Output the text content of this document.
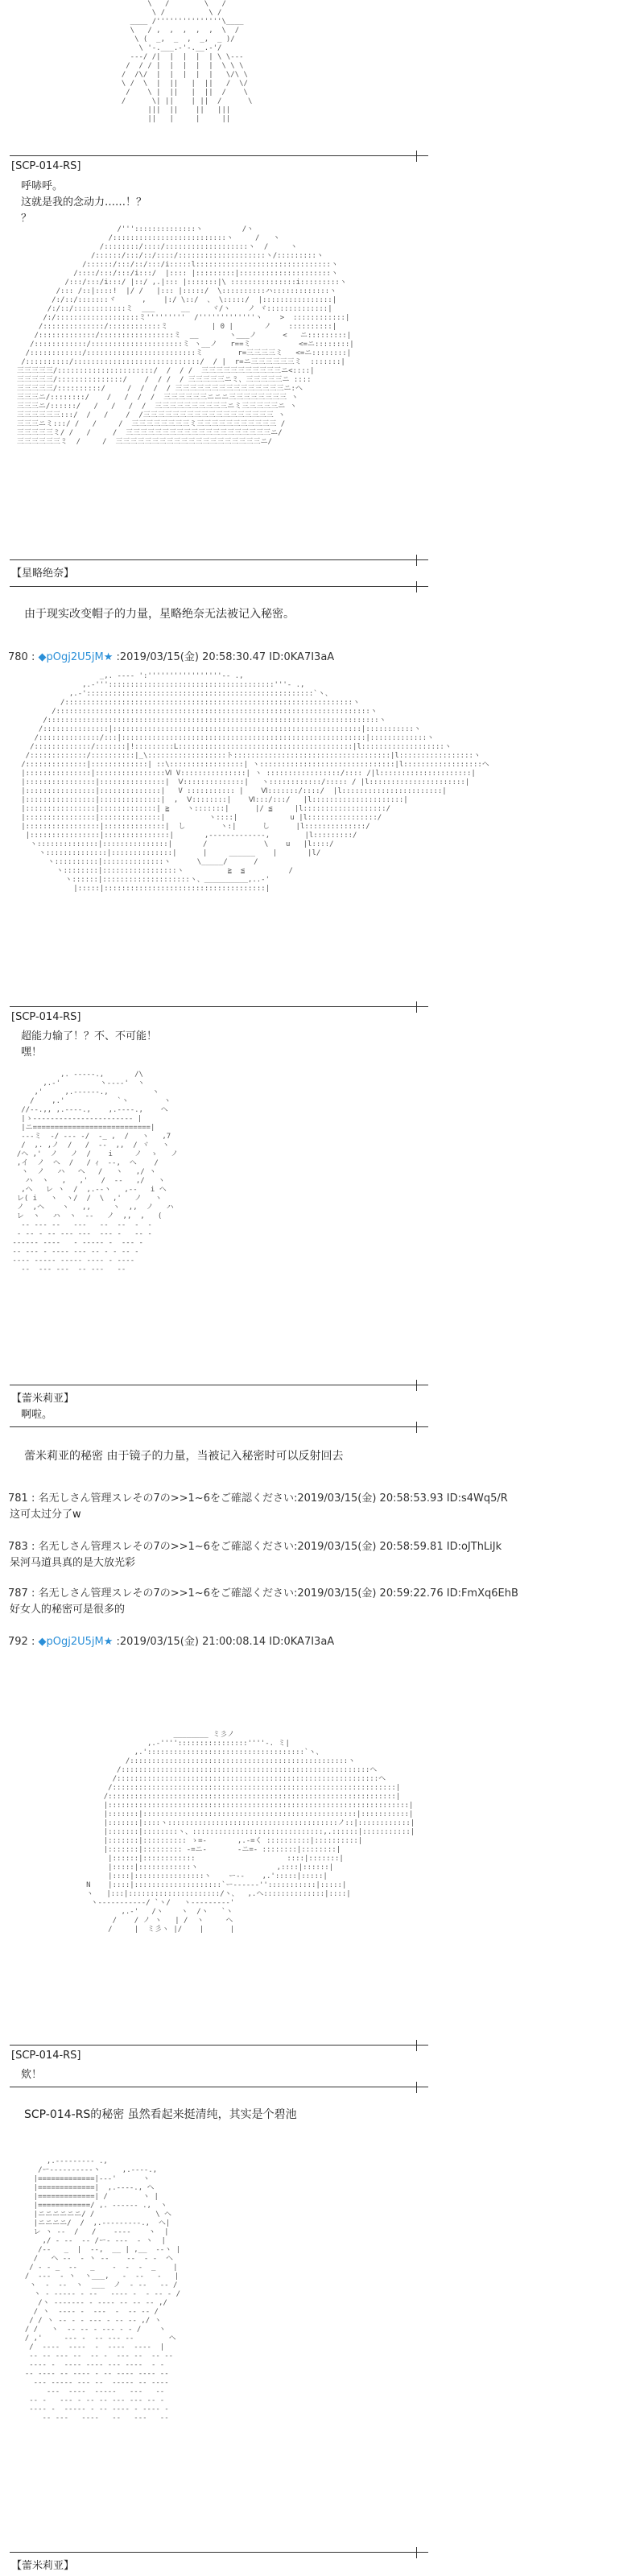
\   /        \   /
\ /          \ /
____ /'''''''''''''''\____
\   / ,  ,  ,  ,  ,  \  /
\ (  _,  _  ,  _,  _ )/
\ '-.___.-'-.__.-'/
---/ /|  |  |  |  | \ \---
/  / / |  |  |  |  |  \ \ \
/  /\/  |  |  |  |  |   \/\ \
\ /  \  |  ||   |  ||   /  \/
/    \ |  ||   |  ||  /    \
/      \| ||    | ||  /      \
|||  ||    ||   |||
||   |     |     ||
[SCP-014-RS]
呼哧呼。
这就是我的念动力……！？
？
/'''::::::::::::::ヽ         /ヽ
/::::::::::::::::::::::::::ヽ     /   ヽ
/::::::::/::::/:::::::::::::::::::ヽ  /     ヽ
/::::::/:::/::/::::/::::::::::::::::::::ヽ/:::::::::ヽ
/::::::/:::/::/:::/i:::::l:::::::::::::::::::::::::::::::ヽ
/::::/:::/:::/i:::/  |:::: |:::::::::|:::::::::::::::::::::ヽ
/:::/:::/i:::/ |::/ ,.|::: |:::::::|\ :::::::::::::::i:::::::::ヽ
/::: /::|::::!  |/ /   |::: |:::::/  \::::::::::ハ:::::::::::::ヽ
/:/::/:::::::ヾ      ,    |:/ \::/  、 \:::::/  |::::::::::::::::|
/:/::/::::::::::::ミ  ___      __     ヾ/ヽ    ノ ヾ::::::::::::::|
/:/:::::::::::::::::::ミ'''''''''  /'''''''''''''ヽ    >  ::::::::::::|
/::::::::::::::/::::::::::::ミ          | 0 |       ノ    ::::::::::|
/:::::::::::::/:::::::::::::::::ミ  __       ヽ___ノ      <   ニ:::::::::|
/::::::::::::/:::::::::::::::::::::ミ ヽ__ノ   r==ミ           <=ニ::::::::|
/::::::::::::/:::::::::::::::::::::::::ミ        r=三三三三ミ   <=ニ::::::::|
/::::::::::/:::::::::::::::::::::::::::::/  / |  r=ニ三三三三三三ミ  :::::::|
三三三三三/::::::::::::::::::::::/  /  / /  三三三三三三三三三三三ニ<::::|
三三三三三/:::::::::::::::/    /  / /  / 三三三三三ニミ、三三三三三ニ ::::
三三三三三/::::::::::/     /  /  /  / 三三三三三三三三三三三三三三三ニ:ヘ
三三三ニ/::::::::/    /   /  /  /  三三三三三三ニニニ三三三三三三三三 ヽ
三三三ニ/::::::/   /   /   /  /  三三三三三三三三三三ニミ三三三三三ニ ヽ
三三三三三三:::/  /   /    /  /三三三三三三三三三三三三三三三三三三 ヽ
三三三ニミ:::/ /   /     /  三三三三三三三三ミ三三三三三三三三三三三 /
三三三三三ミ/ /   /     /  三三三三三三三三三三三三三三三三三三三三ニ/
三三三三三三ミ  /     /  三三三三三三三三三三三三三三三三三三三三ニ/
【星略绝奈】
由于现实改变帽子的力量，星略绝奈无法被记入秘密。
780 : ◆pOgj2U5jM★ :2019/03/15(金) 20:58:30.47 ID:0KA7I3aA
_,. -‐-‐ ':'''''''''''''''''‐- .,
,.-'''::::::::::::::::::::::::::::::::::::::'''- .,
,.-'::::::::::::::::::::::::::::::::::::::::::::::::::::`ヽ、
/::::::::::::::::::::::::::::::::::::::::::::::::::::::::::::::::::ヽ
/::::::::::::::::::::::::::::::::::::::::::::::::::::::::::::::::::::::::ヽ
/::::::::::::::::::::::::::::::::::::::::::::::::::::::::::::::::::::::::::::ヽ
/:::::::::::::::|:::::::::::::::::::::::::::::::::::::::::::::::::::::::::|:::::::::::ヽ
/::::::::::::::/:::|::::::::::::::::::::::::::::::::::::::::::::::::::::::::|:::::::::::::ヽ
/:::::::::::::/:::::::|!:::::::::L::::::::::::::::::::::::::::::::::::::::|l:::::::::::::::::::ヽ
/:::::::::::::/::::::::::|_\::::::::::::::::::ト::::::::::::::::::::::::::::::::::::|l:::::::::::::::::ヽ
/::::::::::::::|:::::::::::::| ::\:::::::::::::::::| ヽ:::::::::::::::::::::::::::::::|l::::::::::::::::::ヘ
|:::::::::::::::|::::::::::::::::Ⅵ V:::::::::::::::| ヽ :::::::::::::::::/:::: /|l:::::::::::::::::::::|
|::::::::::::::::|:::::::::::::::|  Ⅴ::::::::::::::|   ヽ::::::::::::/::::: / |l::::::::::::::::::::::|
|::::::::::::::::|::::::::::::::|   V ::::::::::: |    Ⅵ:::::::/::::/  |l:::::::::::::::::::::::|
|::::::::::::::::|::::::::::::::|  ,  Ⅴ::::::::|    Ⅵ:::/:::/   |l:::::::::::::::::::::|
|::::::::::::::::|:::::::::::::| ≧    ヽ:::::::|      |/ ≦     |l:::::::::::::::::::/
|::::::::::::::::|::::::::::::::|          ヽ::::|            u |l::::::::::::::::/
|:::::::::::::::::|::::::::::::::|  し        ヽ:|      し      |l::::::::::::::/
|::::::::::::::::|:::::::::::::::|       ,--‐‐‐---‐‐‐--,        |l:::::::::/
ヽ::::::::::::::|:::::::::::::::|       /             \    u   |l::::/
ヽ::::::::::::::|::::::::::::::|      |     ______    |       |l/
ヽ::::::::::|::::::::::::::ヽ      \_____/      /
ヽ::::::::|:::::::::::::::::ヽ          ≧  ≦          /
ヽ::::::|::::::::::::::::::::ヽ、__________,..-'
|:::::|:::::::::::::::::::::::::::::::::::::|
[SCP-014-RS]
超能力输了！？不、不可能！
嘿！
,. -‐‐‐-.,       /\
,.-'         ヽ‐‐‐-'  ヽ
,'     ,.-‐‐‐‐-.,          ヽ
/    ,.'            `ヽ        ヽ
//‐-.,, ,.-‐‐-.,    ,.-‐‐-.,    ヘ
|ゝ‐‐‐‐‐‐‐‐‐‐‐‐‐‐‐‐‐‐‐‐‐‐‐ |
|ニ===========================|
‐‐‐ミ  ‐/ ‐‐‐ ‐/  ‐_ ,  /   ヽ   ,7
/  ,. ,ノ  /   /  ‐‐  ,,  / ヾ   ヽ
/ヘ ,'  ノ   ノ  /    i     ノ  ゝ   ノ
,イ  ノ  ヘ  /   / ｨ  ‐‐,  ヘ    /
ヽ  ノ   ハ   ヘ   /   ヽ   ,/ ヽ
ハ  ヽ   ,   ,'   /  ‐‐   ,/   ヽ
,ヘ   レ ヽ  /  ,.-‐ヽ   ,-‐   i ヘ
レ( i   ヽ  ヽ/  /  \  ,'   ノ   ヽ
ノ  ,ヘ    ヽ   ,,     ヽ  ,,  ノ   ハ
レ  ヽ   ハ  ヽ  ‐‐   ノ  ,,  ,   (
‐‐ ‐‐‐ ‐‐   ‐‐‐   ‐‐  ‐‐  ‐  ‐
‐ ‐‐ ‐ ‐‐ ‐‐‐ ‐‐‐  ‐‐‐ ‐   ‐‐ ‐
‐‐‐‐‐‐ ‐‐‐‐   ‐ ‐‐‐‐‐ ‐  ‐‐‐ ‐
‐‐ ‐‐‐ ‐ ‐‐‐‐ ‐‐‐ ‐‐ ‐ ‐ ‐‐ ‐
‐‐‐‐ ‐‐‐‐‐ ‐‐‐‐‐ ‐‐‐‐ ‐ ‐‐‐‐
‐‐  ‐‐‐ ‐‐‐  ‐‐ ‐‐‐   ‐‐
【蕾米莉亚】
啊啦。
蕾米莉亚的秘密 由于镜子的力量，当被记入秘密时可以反射回去
781 : 名无しさん管理スレその7の>>1~6をご確認ください:2019/03/15(金) 20:58:53.93 ID:s4Wq5/R
这可太过分了w
783 : 名无しさん管理スレその7の>>1~6をご確認ください:2019/03/15(金) 20:58:59.81 ID:oJThLiJk
呆河马道具真的是大放光彩
787 : 名无しさん管理スレその7の>>1~6をご確認ください:2019/03/15(金) 20:59:22.76 ID:FmXq6EhB
好女人的秘密可是很多的
792 : ◆pOgj2U5jM★ :2019/03/15(金) 21:00:08.14 ID:0KA7I3aA
________ ミ彡ノ
,.-''''::::::::::::::::''''-. ミ|
,.'::::::::::::::::::::::::::::::::::::`ヽ、
/::::::::::::::::::::::::::::::::::::::::::::::::::ヽ
/:::::::::::::::::::::::::::::::::::::::::::::::::::::::::ヘ
/::::::::::::::::::::::::::::::::::::::::::::::::::::::::::::ヘ
/:::::::::::::::::::::::::::::::::::::::::::::::::::::::::::::::::|
/::::::::::::::::::::::::::::::::::::::::::::::::::::::::::::::::::|
|:::::::::::::::::::::::::::::::::::::::::::::::::::::::::::::::::::::|
|:::::::|:::::::::::::::::::::::::::::::::::::::::::::::::|:::::::::::|
|:::::::|::::ヽ:::::::::::::::::::::::::::::::::::::::ノ::|::::::::::::|
|:::::::|::::::::ヽ、::::::::::::::::::::::::::::::,.::::::|:::::::::::|
|:::::::|:::::::::: ゝ=-       ,.-=く ::::::::::|::::::::::|
|:::::::|::::::::: ‐=ニ‐       ‐ニ=‐ ::::::::|::::::::|
|::::::|::::::::::::                     ::::|:::::::|
|:::::|::::::::::::ヽ                  ,::::|::::::|
|::::|::::::::::::::::ヽ    ー‐‐    ,.':::::|:::::|
N    |::::|::::::::::::::::::::`ー‐‐---‐'':::::::::::|:::::|
ヽ   |:::|:::::::::::::::::::::/ヽ、  ,.ヘ::::::::::::::|::::|
ヽ‐‐---‐‐‐‐‐‐/ `ヽ/   ヽ‐‐‐‐---‐‐'
,.-'   /ヽ    ヽ  /ヽ   `ヽ
/    / ノ ヽ   | /  ヽ     ヘ
/     |  ミ彡ヽ |/    |      |
[SCP-014-RS]
欸！
SCP-014-RS的秘密 虽然看起来挺清纯，其实是个碧池
,.-‐‐‐-‐‐‐- .,
/ー‐‐‐‐‐‐‐‐‐‐ヽ     ,.-‐‐-.,
|=============|‐‐‐'      ヽ
|=============|  ,.-‐‐-., ヘ
|=============| /        ヽ |
|============/ ,. -‐‐‐‐- .,  ヽ
|ニニニニニニ/ /              \ ヘ
|ニニニニ/  /  ,.-‐‐‐‐‐‐‐-.,  ヘ|
レ ヽ ‐‐  /   /    ‐‐‐‐    ヽ  |
,/ ‐ ‐‐  ‐‐ /ー‐ ‐‐‐  ‐ ヽ  |
/‐‐   _  |  ‐‐,  __ | ,__  ‐‐ヽ |
/   ヘ ‐‐  ‐ ヽ ‐‐    ‐‐  ‐ ‐  ヘ
/ ‐ ‐ _  ‐‐   _    ‐  ‐  ‐  _    |
/  ‐‐‐  ‐ ヽ  ヽ___,   ‐  ‐‐   ‐   |
ヽ  ‐  ‐‐  ヽ  ___  ノ  ‐ ‐‐   ‐‐ /
ヽ ‐ ‐‐‐‐‐ ‐ ‐‐   ‐‐‐‐ ‐  ‐ ‐‐ ‐ /
/ヽ ‐‐‐‐‐‐‐ ‐ ‐‐‐‐ ‐‐ ‐‐ ‐‐ ,/
/ ヽ  ‐‐‐‐ ‐  ‐‐‐  ‐  ‐‐ ‐‐ /
/ / ヽ ‐‐ ‐ ‐ ‐‐‐ ‐ ‐‐ ‐‐ ,/ ヽ
/ /   ヽ  ‐‐ ‐‐ ‐ ‐‐‐ ‐ ‐ /    ヽ
/ ,'     ‐‐‐ ‐  ‐‐ ‐‐‐ ‐‐        ヘ
/  ‐‐‐‐  ‐‐‐‐  ‐  ‐‐‐‐  ‐‐‐‐  |
‐‐ ‐‐ ‐‐‐ ‐‐  ‐‐ ‐  ‐‐‐ ‐‐  ‐‐ ‐‐
‐‐‐‐ ‐  ‐‐‐‐ ‐‐‐‐ ‐‐‐ ‐‐‐‐  ‐ ‐
‐‐ ‐‐‐‐ ‐‐ ‐‐‐‐ ‐ ‐‐ ‐‐‐‐ ‐‐‐‐ ‐‐
‐‐‐ ‐‐‐‐‐ ‐‐‐ ‐‐  ‐‐‐‐‐ ‐‐ ‐‐‐‐
‐‐‐  ‐‐‐‐  ‐‐‐‐‐   ‐‐‐   ‐‐
‐‐ ‐   ‐‐‐ ‐ ‐‐ ‐‐ ‐‐‐ ‐‐‐ ‐‐ ‐
‐‐‐‐ ‐  ‐‐‐‐‐ ‐ ‐‐ ‐‐‐‐ ‐ ‐‐‐‐ ‐
‐‐ ‐‐‐   ‐‐‐‐   ‐‐   ‐‐‐   ‐‐
【蕾米莉亚】
